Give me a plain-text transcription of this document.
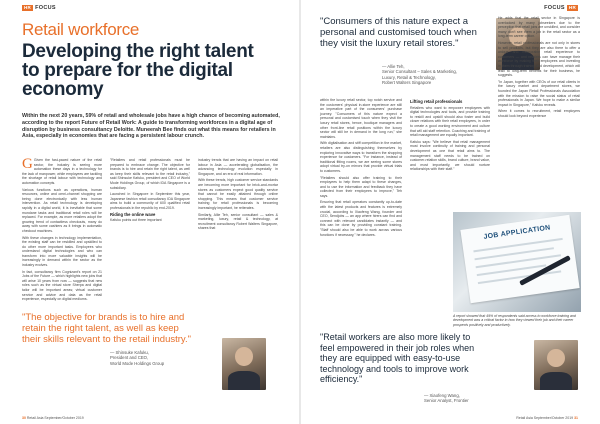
HR FOCUS
Retail workforce
Developing the right talent to prepare for the digital economy
Within the next 20 years, 59% of retail and wholesale jobs have a high chance of becoming automated, according to the report Future of Retail Work: A guide to transforming workforces in a digital age of disruption by business consultancy Deloitte. Muneerah Bee finds out what this means for retailers in Asia, especially in economies that are facing a persistent labour crunch.

G Given the fast-paced nature of the retail sector, the industry is seeing more automation these days in a technology for the lack of manpower, while employees are tackling the shortage of retail labour with technology and automation concepts.

Various functions such as operations, human resources, online and omni-channel shopping are being done electronically with less human intervention. As retail technology is developing rapidly in a digital world, it is inevitable that some mundane tasks and traditional retail roles will be replaced. For example, as more retailers adopt the growing trend of contactless checkouts, many do away with some cashiers as it brings in automatic checkout machines.

With these changes in technology implementation, the existing staff can be reskilled and upskilled to do other more important tasks. Employees who understand digital technologies and who can transform into more valuable insights will be increasingly in demand within the sector as the industry evolves.

In fact, consultancy firm Cognizant's report on 21 Jobs of the Future — which highlights new jobs that will arise 10 years from now — suggests that new roles such as the virtual store Sherpa and digital tailor will be important areas; virtual customer service and advice and data as the retail experience, especially on digital mediums.

"Retailers and retail professionals must be prepared to embrace change. The objective for brands is to hire and retain the right talent, as well as keep their skills relevant to the retail industry," said Shinsuke Kafuku, president and CEO of World Mode Holdings Group, of which IDA Singapore is a subsidiary.

Launched in Singapore in September this year, Japanese fashion retail consultancy IDA Singapore aims to build a community of 600 qualified retail professionals in the republic by end-2019.

Riding the online wave

Kafuku points out three important

industry trends that are having an impact on retail labour in Asia — accelerating globalisation, the advancing technology evolution especially in Singapore, and an era of real information.

With these trends, high customer service standards are becoming more important for brick-and-mortar stores as customers expect good quality service that cannot be easily attained through online shopping. This means that customer service training for retail professionals is becoming increasingly important, he reiterates.

Similarly, Allie Teh, senior consultant — sales & marketing, luxury, retail & technology, at recruitment consultancy Robert Walters Singapore, shares that

"The objective for brands is to hire and retain the right talent, as well as keep their skills relevant to the retail industry."
— Shinsuke Kafuku,
President and CEO,
World Mode Holdings Group
30 Retail Asia September/October 2019
FOCUS HR
"Consumers of this nature expect a personal and customised touch when they visit the luxury retail stores."
— Allie Teh,
Senior Consultant – Sales & Marketing,
Luxury, Retail & Technology,
Robert Walters Singapore

within the luxury retail sector, top notch service and the customers' physical in-store experience are still an imperative part of the consumers' purchase journey. "Consumers of this nature expect a personal and customised touch when they visit the luxury retail stores, hence, boutique managers and other front-line retail positions within the luxury sector will still be in demand in the long run," she maintains.

With digitalisation and stiff competition in the market, retailers are also distinguishing themselves by exploring innovative ways to transform the shopping experience for customers. "For instance, instead of traditional fitting rooms, we are seeing some stores adopt virtual try-on mirrors that provide virtual trials to customers.

"Retailers should also offer training to their employees to help them adapt to these changes, and to use the information and feedback they have collected from their employees to improve," Teh says.

Ensuring that retail operators constantly up-to-date with the latest products and features is extremely crucial, according to Xiaofeng Wang, founder and CEO, Sendjobs — an app where hirers can find and connect with relevant candidates instantly — and this can be done by providing constant training. "Staff should also be able to work across various functions if necessary," he declares.

Lifting retail professionals

Retailers who want to empower employees with digital technologies and tools, and provide training to reskill and upskill should also foster and build closer relations with their retail employees, in order to create a good working environment and culture that will aid staff retention. Coaching and training of retail management are equally important.

Kafuku says: "We believe that retail management must involve continuity of training and personal development as one that retail aims to. The management staff needs to be trained on customer-relation skills, brand culture, brand value, and most importantly, we should nurture relationships with their staff."

He adds that the retail sector in Singapore is overlooked by many jobseekers due to the perception that retail jobs are unskilled, and consider many don't see them a job in the retail sector as a long-term career option.

However, retail professionals are not only in stores to sell products, but they are also there to offer a unique and memorable retail experience to customers — and retailers can have manage their workforce by making their employees and investing in them through training and development, which will lead to long-term benefits for their business, he suggests.

"In Japan, together with CEOs of our retail clients in the luxury market and department stores, we founded the Japan Retail Professionals Association with the mission to raise the social status of retail professionals in Japan. We hope to make a similar impact in Singapore," Kafuku reveals.

When it comes to recruitment, retail employers should look beyond experience

JOB APPLICATION
A report showed that 49% of respondents said access to workforce training and development was a critical factor in how they viewed their job and their career prospects positively and productively.
"Retail workers are also more likely to feel empowered in their job roles when they are equipped with easy-to-use technology and tools to improve work efficiency."
— Xiaofeng Wang,
Senior Analyst, Frontier
Retail Asia September/October 2019 31
